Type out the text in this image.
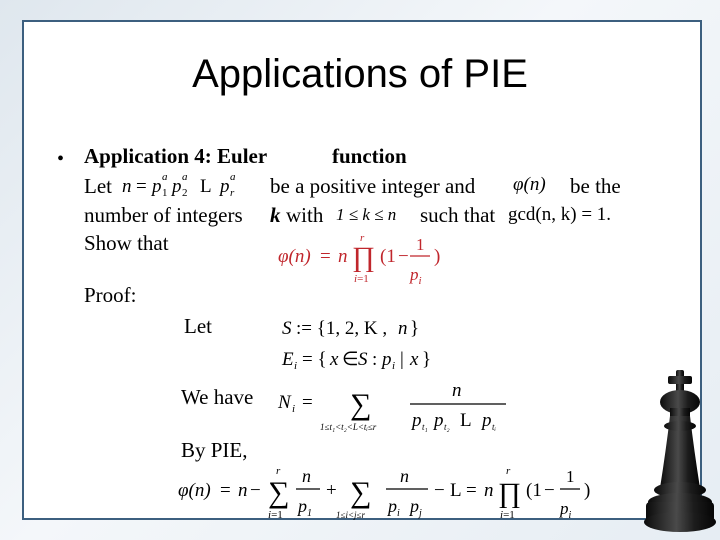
Applications of PIE
• Application 4: Euler	function
Let n = p 1
a p 2
a L p r
a be a positive integer and φ(n) be the
number of integers k with 1 ≤ k ≤ n such that gcd(n, k) = 1.
Show that
φ(n) = n ∏
r
i=1
(1 −
1
$p_i$
)
Proof:
Let	S := {1, 2, K , n }
E i = { x ∈ S : p i | x }
We have N i = ∑
1≤t₁<t₂<L<tᵢ≤r
n
p t₁ p t₂ L p tᵢ
By PIE,
φ(n) = n − ∑
r
i=1
n
$p_1$
+ ∑
1≤i<j≤r
n
$p_i$ $p_j$
− L = n ∏
r
i=1
(1 −
1
$p_i$
)
